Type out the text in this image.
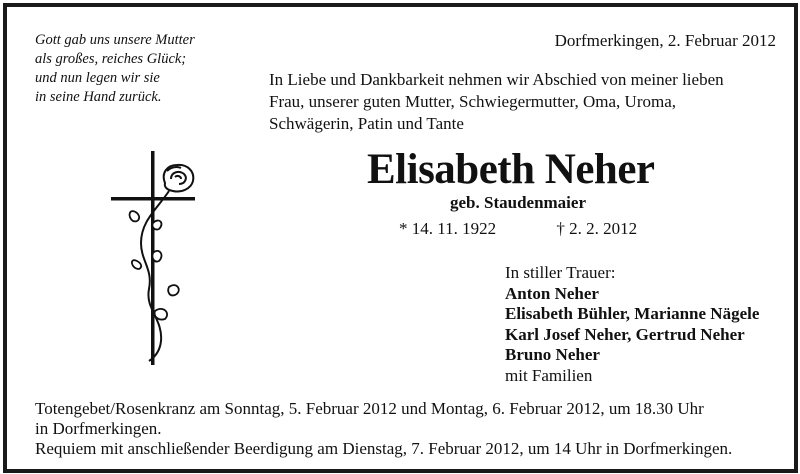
Gott gab uns unsere Mutter
als großes, reiches Glück;
und nun legen wir sie
in seine Hand zurück.
Dorfmerkingen, 2. Februar 2012
In Liebe und Dankbarkeit nehmen wir Abschied von meiner lieben
Frau, unserer guten Mutter, Schwiegermutter, Oma, Uroma,
Schwägerin, Patin und Tante
Elisabeth Neher
geb. Staudenmaier
* 14. 11. 1922	† 2. 2. 2012
In stiller Trauer:
Anton Neher
Elisabeth Bühler, Marianne Nägele
Karl Josef Neher, Gertrud Neher
Bruno Neher
mit Familien
Totengebet/Rosenkranz am Sonntag, 5. Februar 2012 und Montag, 6. Februar 2012, um 18.30 Uhr
in Dorfmerkingen.
Requiem mit anschließender Beerdigung am Dienstag, 7. Februar 2012, um 14 Uhr in Dorfmerkingen.
